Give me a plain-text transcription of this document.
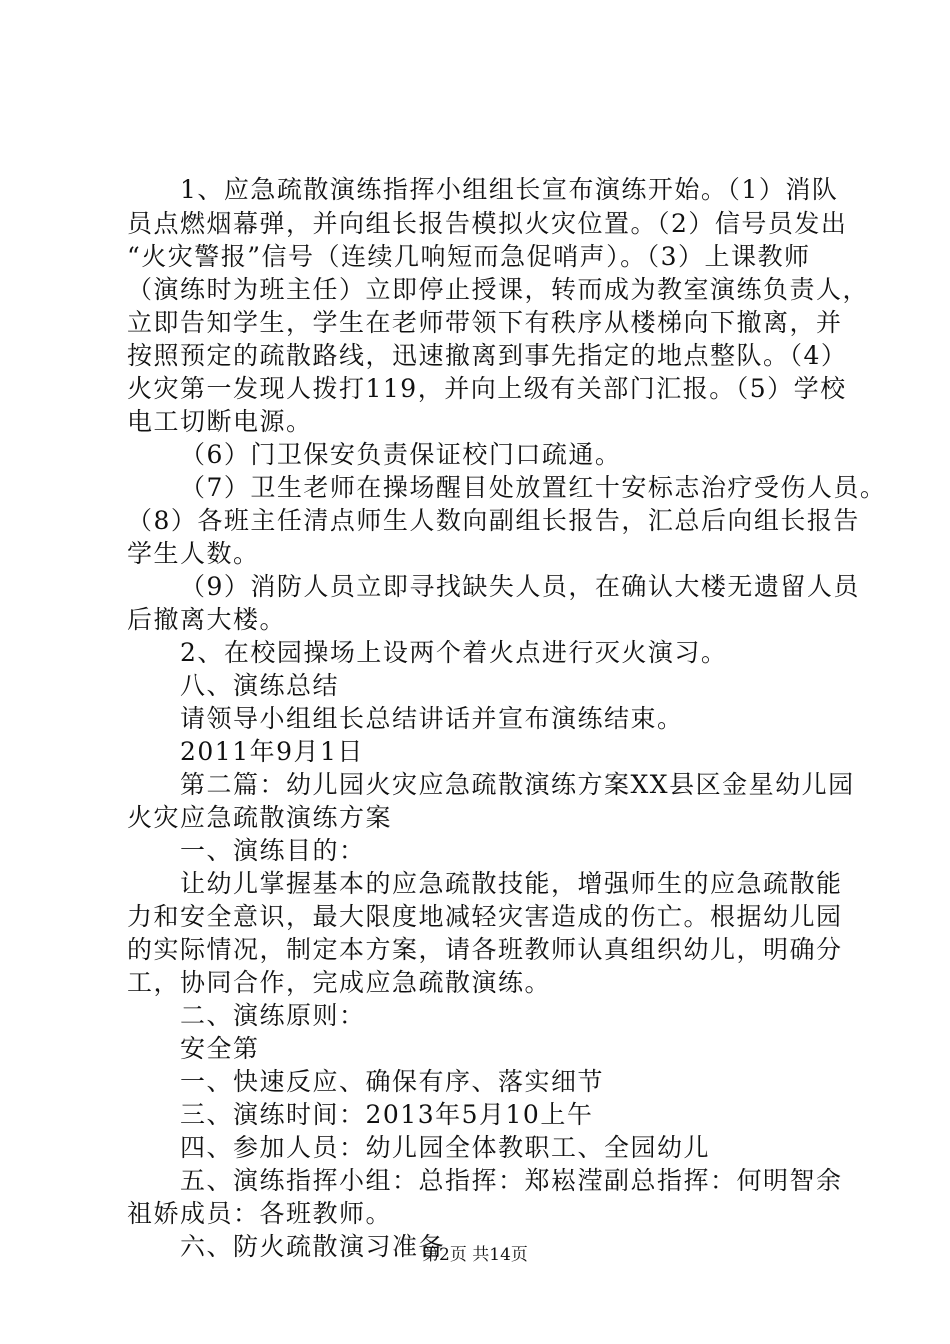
1、应急疏散演练指挥小组组长宣布演练开始。（1）消队
员点燃烟幕弹，并向组长报告模拟火灾位置。（2）信号员发出
“火灾警报”信号（连续几响短而急促哨声）。（3）上课教师
（演练时为班主任）立即停止授课，转而成为教室演练负责人，
立即告知学生，学生在老师带领下有秩序从楼梯向下撤离，并
按照预定的疏散路线，迅速撤离到事先指定的地点整队。（4）
火灾第一发现人拨打119，并向上级有关部门汇报。（5）学校
电工切断电源。
（6）门卫保安负责保证校门口疏通。
（7）卫生老师在操场醒目处放置红十安标志治疗受伤人员。
（8）各班主任清点师生人数向副组长报告，汇总后向组长报告
学生人数。
（9）消防人员立即寻找缺失人员，在确认大楼无遗留人员
后撤离大楼。
2、在校园操场上设两个着火点进行灭火演习。
八、演练总结
请领导小组组长总结讲话并宣布演练结束。
2011年9月1日
第二篇：幼儿园火灾应急疏散演练方案XX县区金星幼儿园
火灾应急疏散演练方案
一、演练目的：
让幼儿掌握基本的应急疏散技能，增强师生的应急疏散能
力和安全意识，最大限度地减轻灾害造成的伤亡。根据幼儿园
的实际情况，制定本方案，请各班教师认真组织幼儿，明确分
工，协同合作，完成应急疏散演练。
二、演练原则：
安全第
一、快速反应、确保有序、落实细节
三、演练时间：2013年5月10上午
四、参加人员：幼儿园全体教职工、全园幼儿
五、演练指挥小组：总指挥：郑崧滢副总指挥：何明智余
祖娇成员：各班教师。
六、防火疏散演习准备
第2页 共14页
